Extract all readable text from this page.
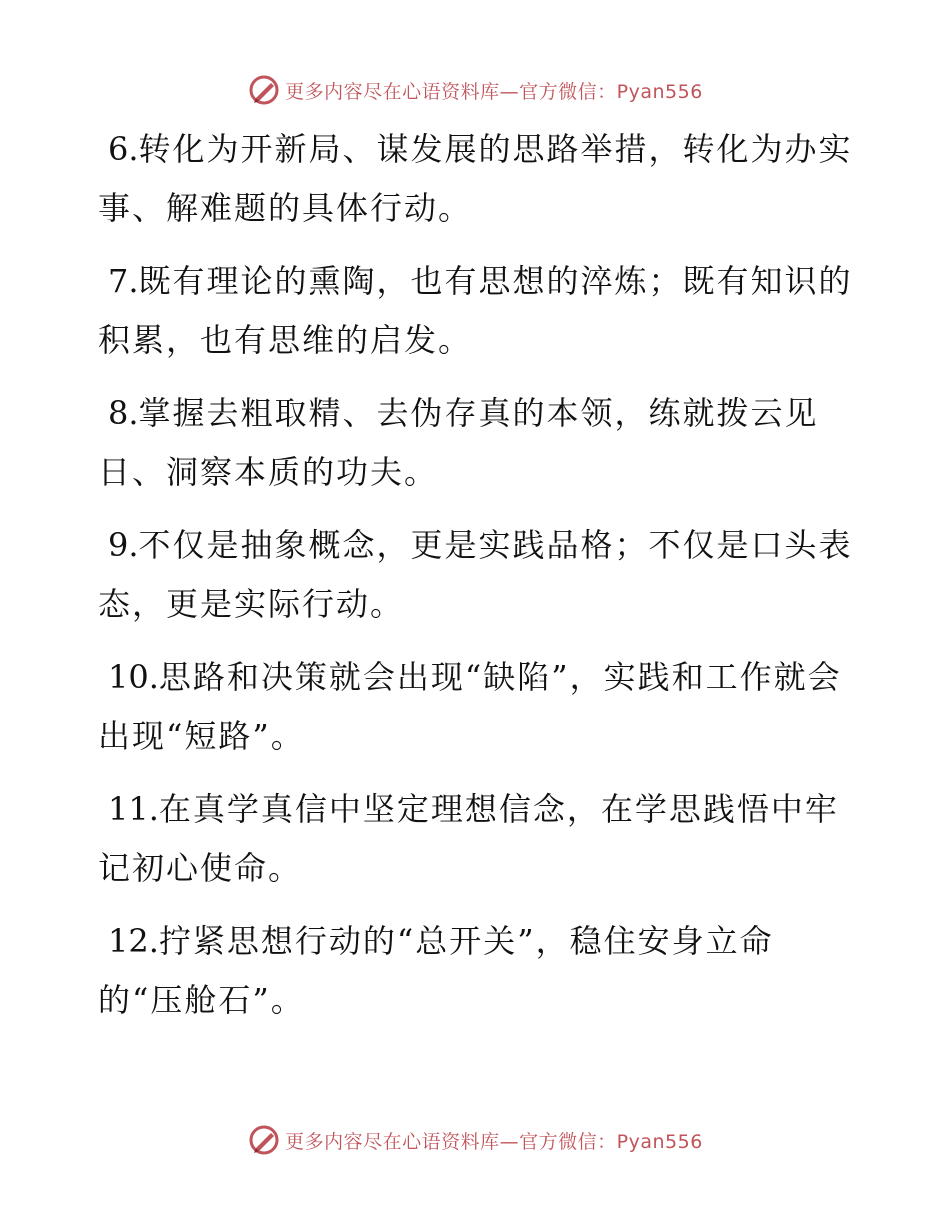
更多内容尽在心语资料库—官方微信：Pyan556

6.转化为开新局、谋发展的思路举措，转化为办实事、解难题的具体行动。

7.既有理论的熏陶，也有思想的淬炼；既有知识的积累，也有思维的启发。

8.掌握去粗取精、去伪存真的本领，练就拨云见日、洞察本质的功夫。

9.不仅是抽象概念，更是实践品格；不仅是口头表态，更是实际行动。

10.思路和决策就会出现“缺陷”，实践和工作就会出现“短路”。

11.在真学真信中坚定理想信念，在学思践悟中牢记初心使命。

12.拧紧思想行动的“总开关”，稳住安身立命的“压舱石”。

更多内容尽在心语资料库—官方微信：Pyan556
